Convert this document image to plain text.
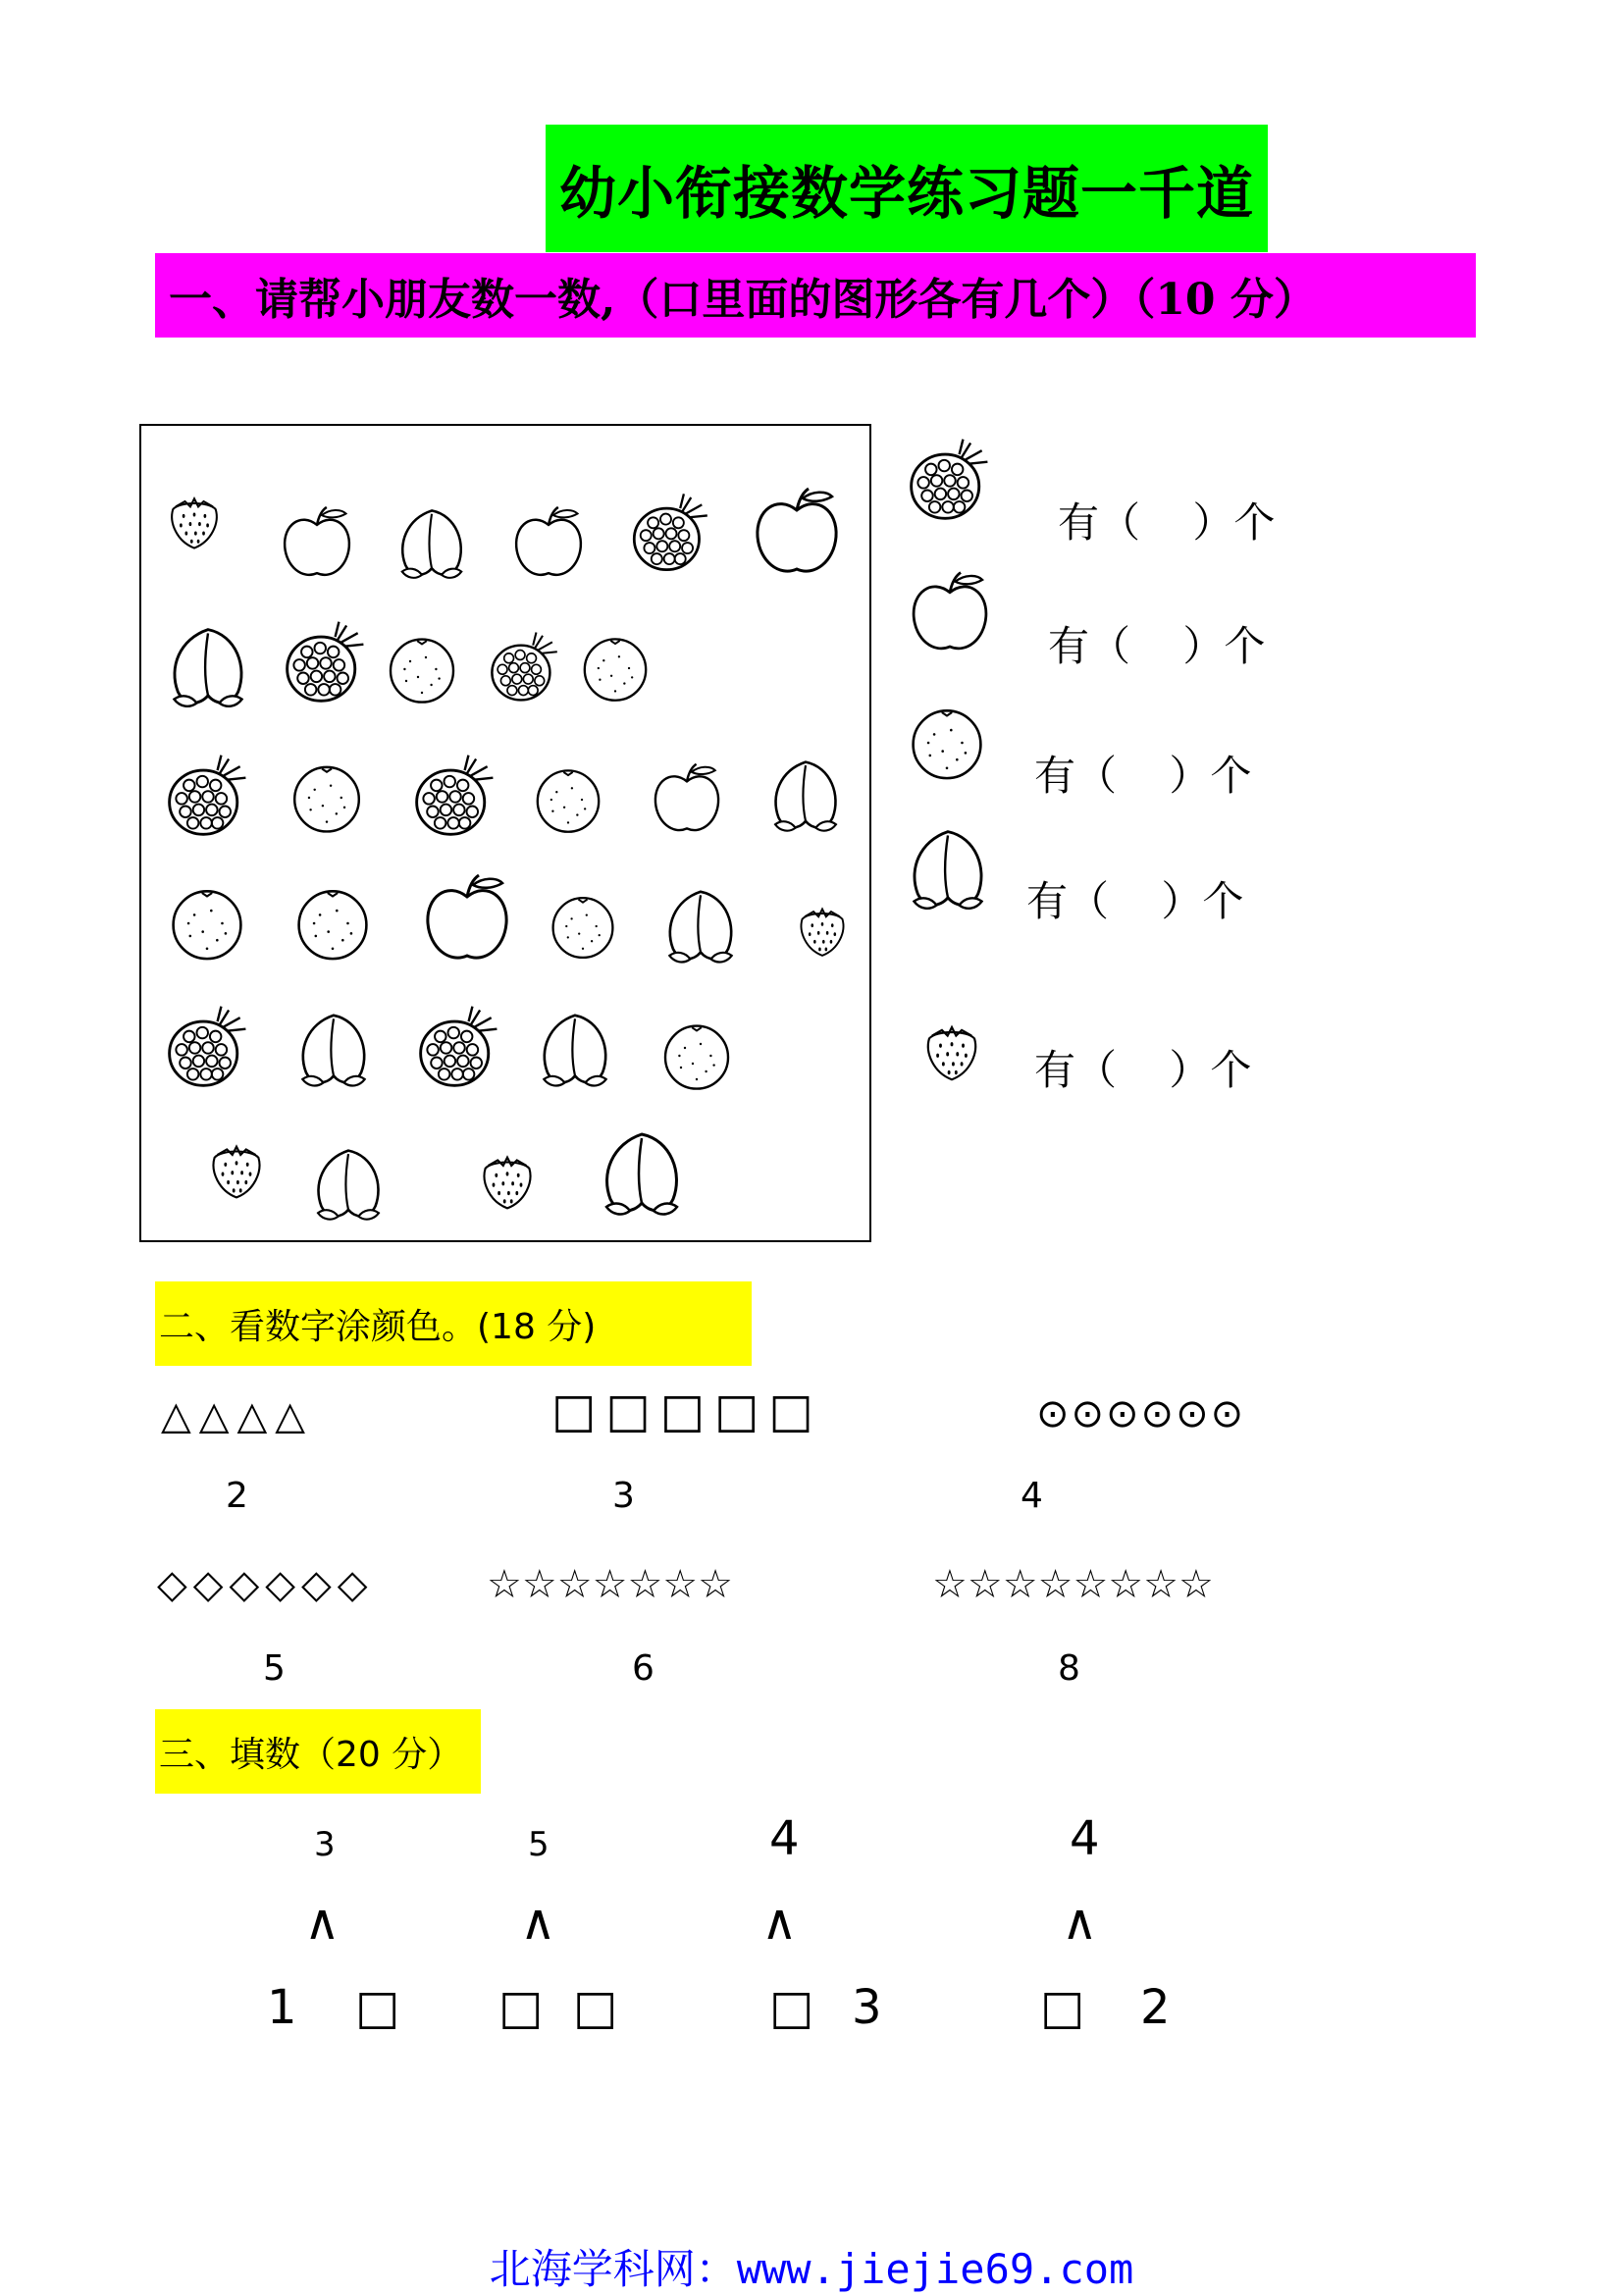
幼小衔接数学练习题一千道
一、请帮小朋友数一数,（口里面的图形各有几个）（10 分）
有（    ）个
有（    ）个
有（    ）个
有（    ）个
有（    ）个
二、看数字涂颜色。(18 分)
△△△△	□□□□□	⊙⊙⊙⊙⊙⊙
2	3	4
◇◇◇◇◇◇	☆☆☆☆☆☆☆	☆☆☆☆☆☆☆☆
5	6	8
三、填数（20 分）
3
∧
1 □
5
∧
□ □
4
∧
□ 3
4
∧
□ 2
北海学科网：www.jiejie69.com
